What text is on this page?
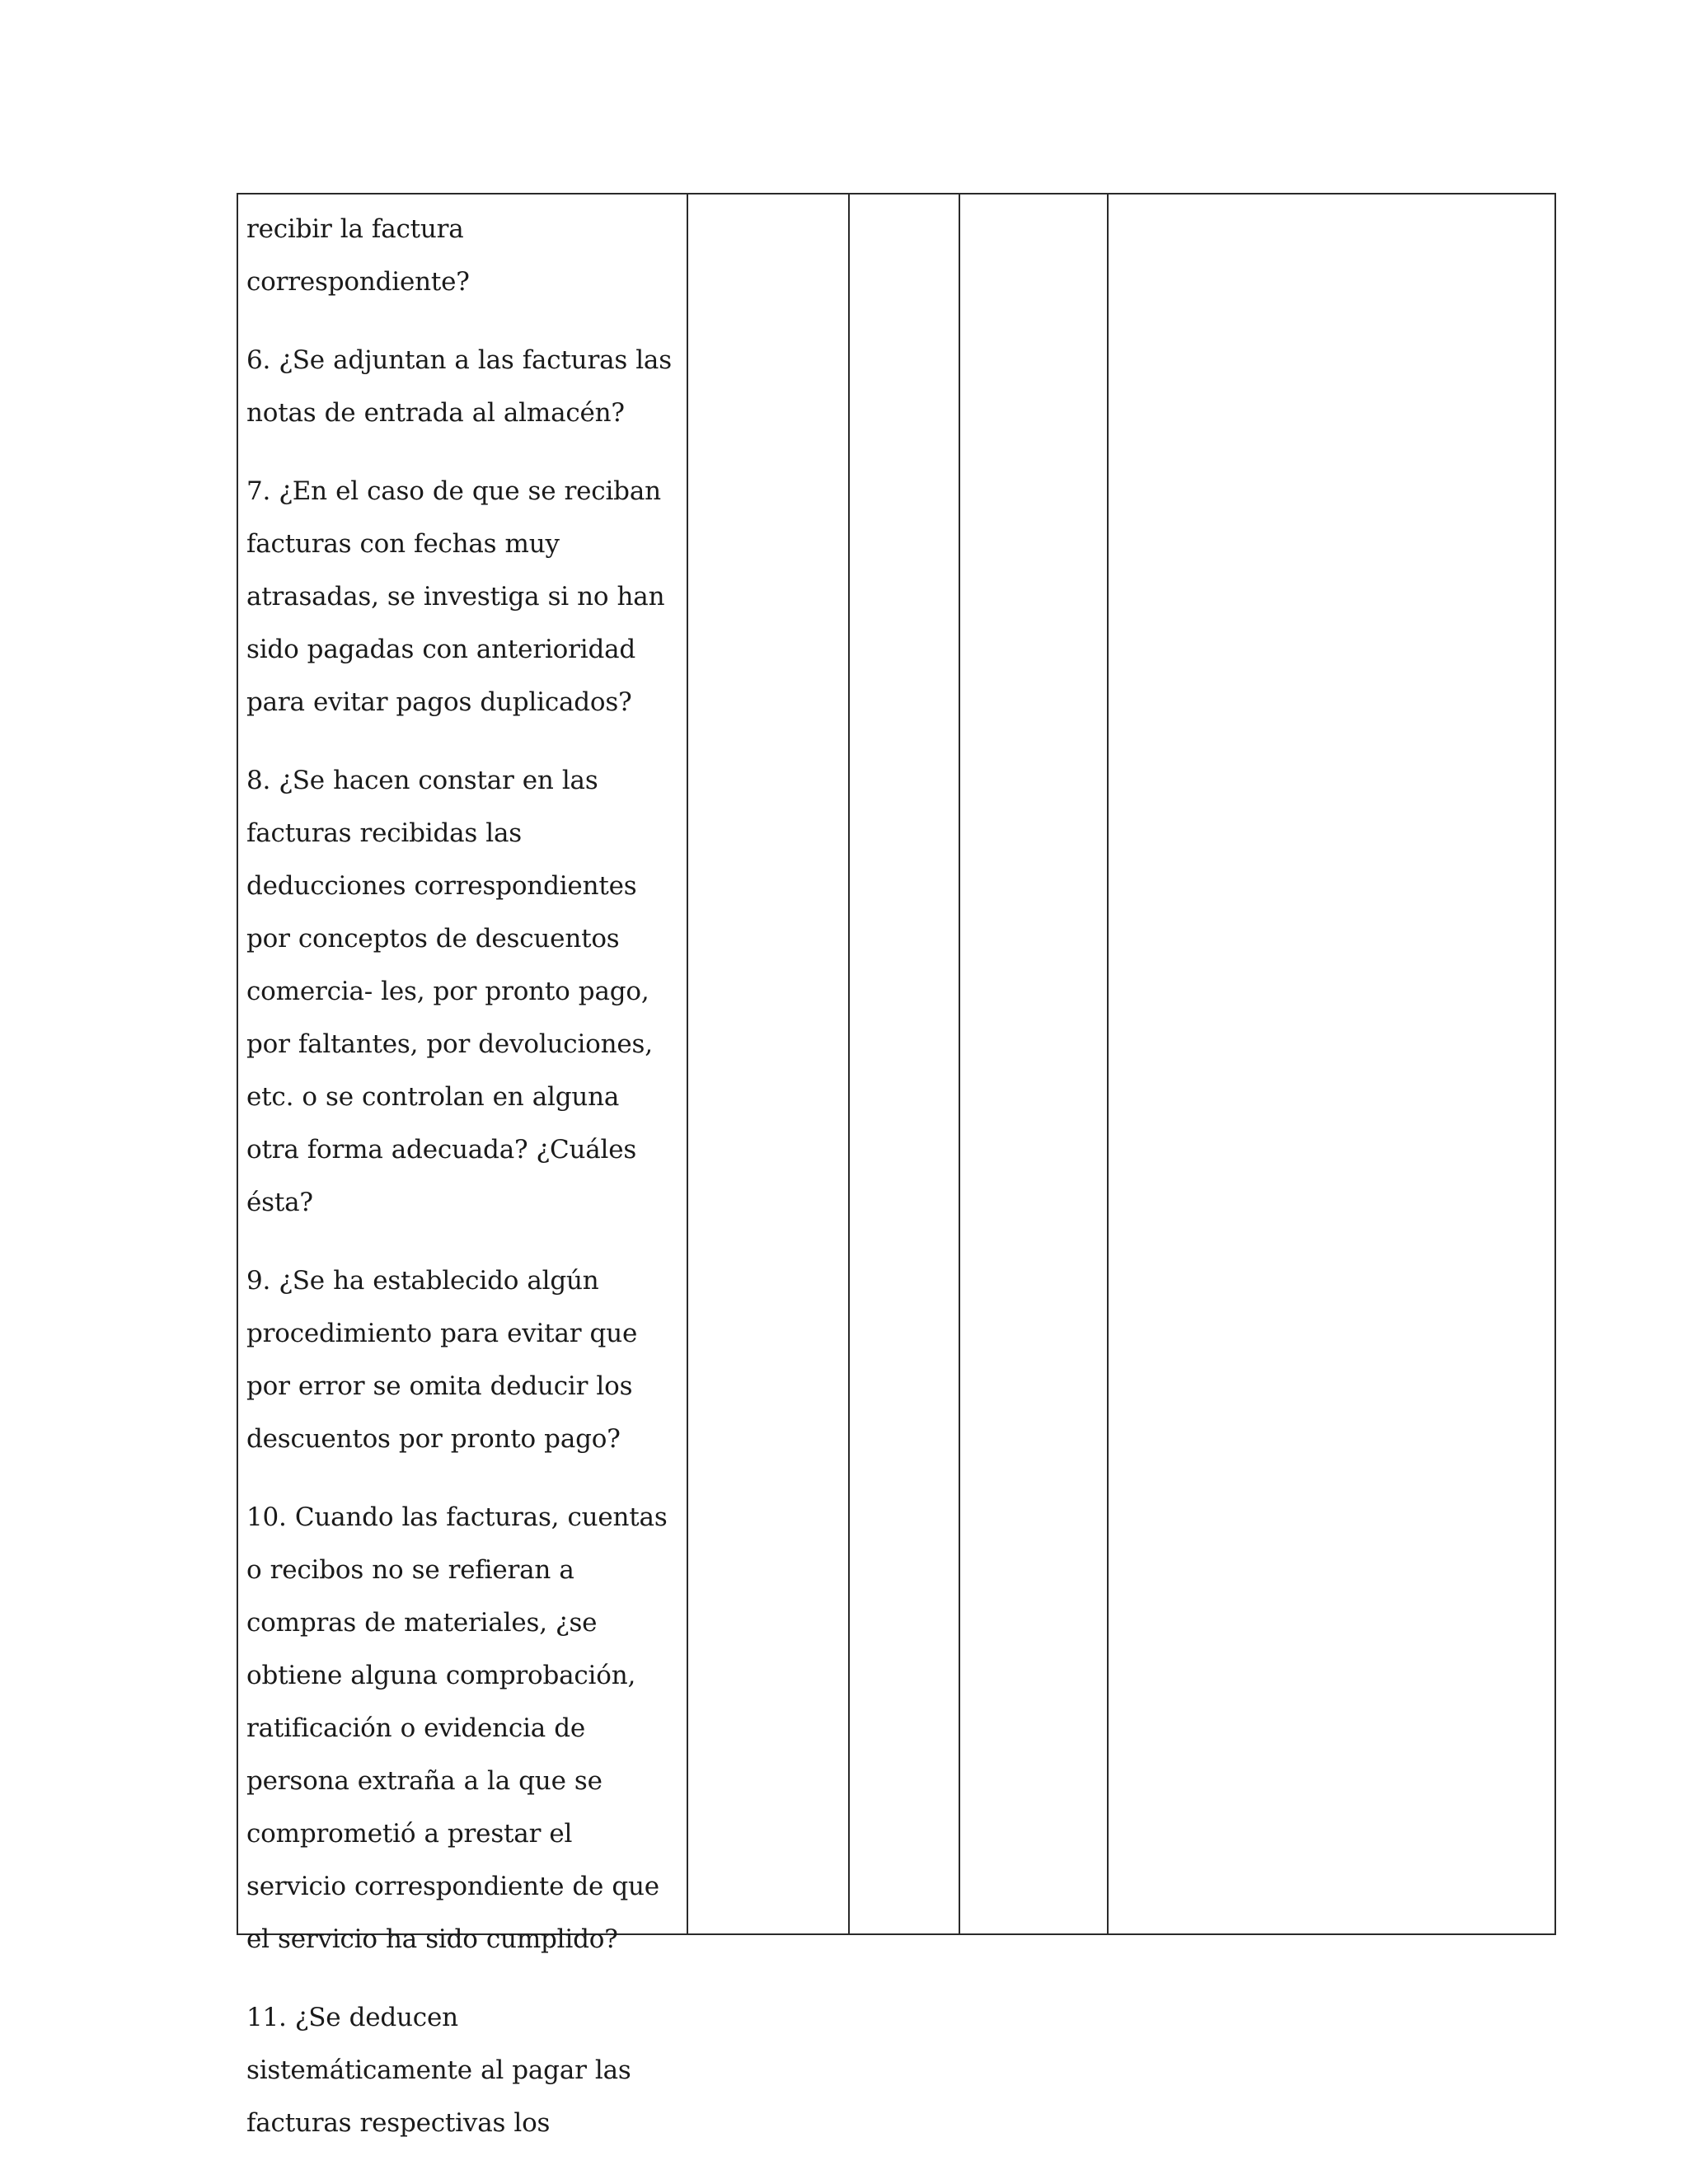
recibir la factura correspondiente?

6. ¿Se adjuntan a las facturas las notas de entrada al almacén?

7. ¿En el caso de que se reciban facturas con fechas muy atrasadas, se investiga si no han sido pagadas con anterioridad para evitar pagos duplicados?

8. ¿Se hacen constar en las facturas recibidas las deducciones correspondientes por conceptos de descuentos comercia- les, por pronto pago, por faltantes, por devoluciones, etc. o se controlan en alguna otra forma adecuada? ¿Cuáles ésta?

9. ¿Se ha establecido algún procedimiento para evitar que por error se omita deducir los descuentos por pronto pago?

10. Cuando las facturas, cuentas o recibos no se refieran a compras de materiales, ¿se obtiene alguna comprobación, ratificación o evidencia de persona extraña a la que se comprometió a prestar el servicio correspondiente de que el servicio ha sido cumplido?

11. ¿Se deducen sistemáticamente al pagar las facturas respectivas los
